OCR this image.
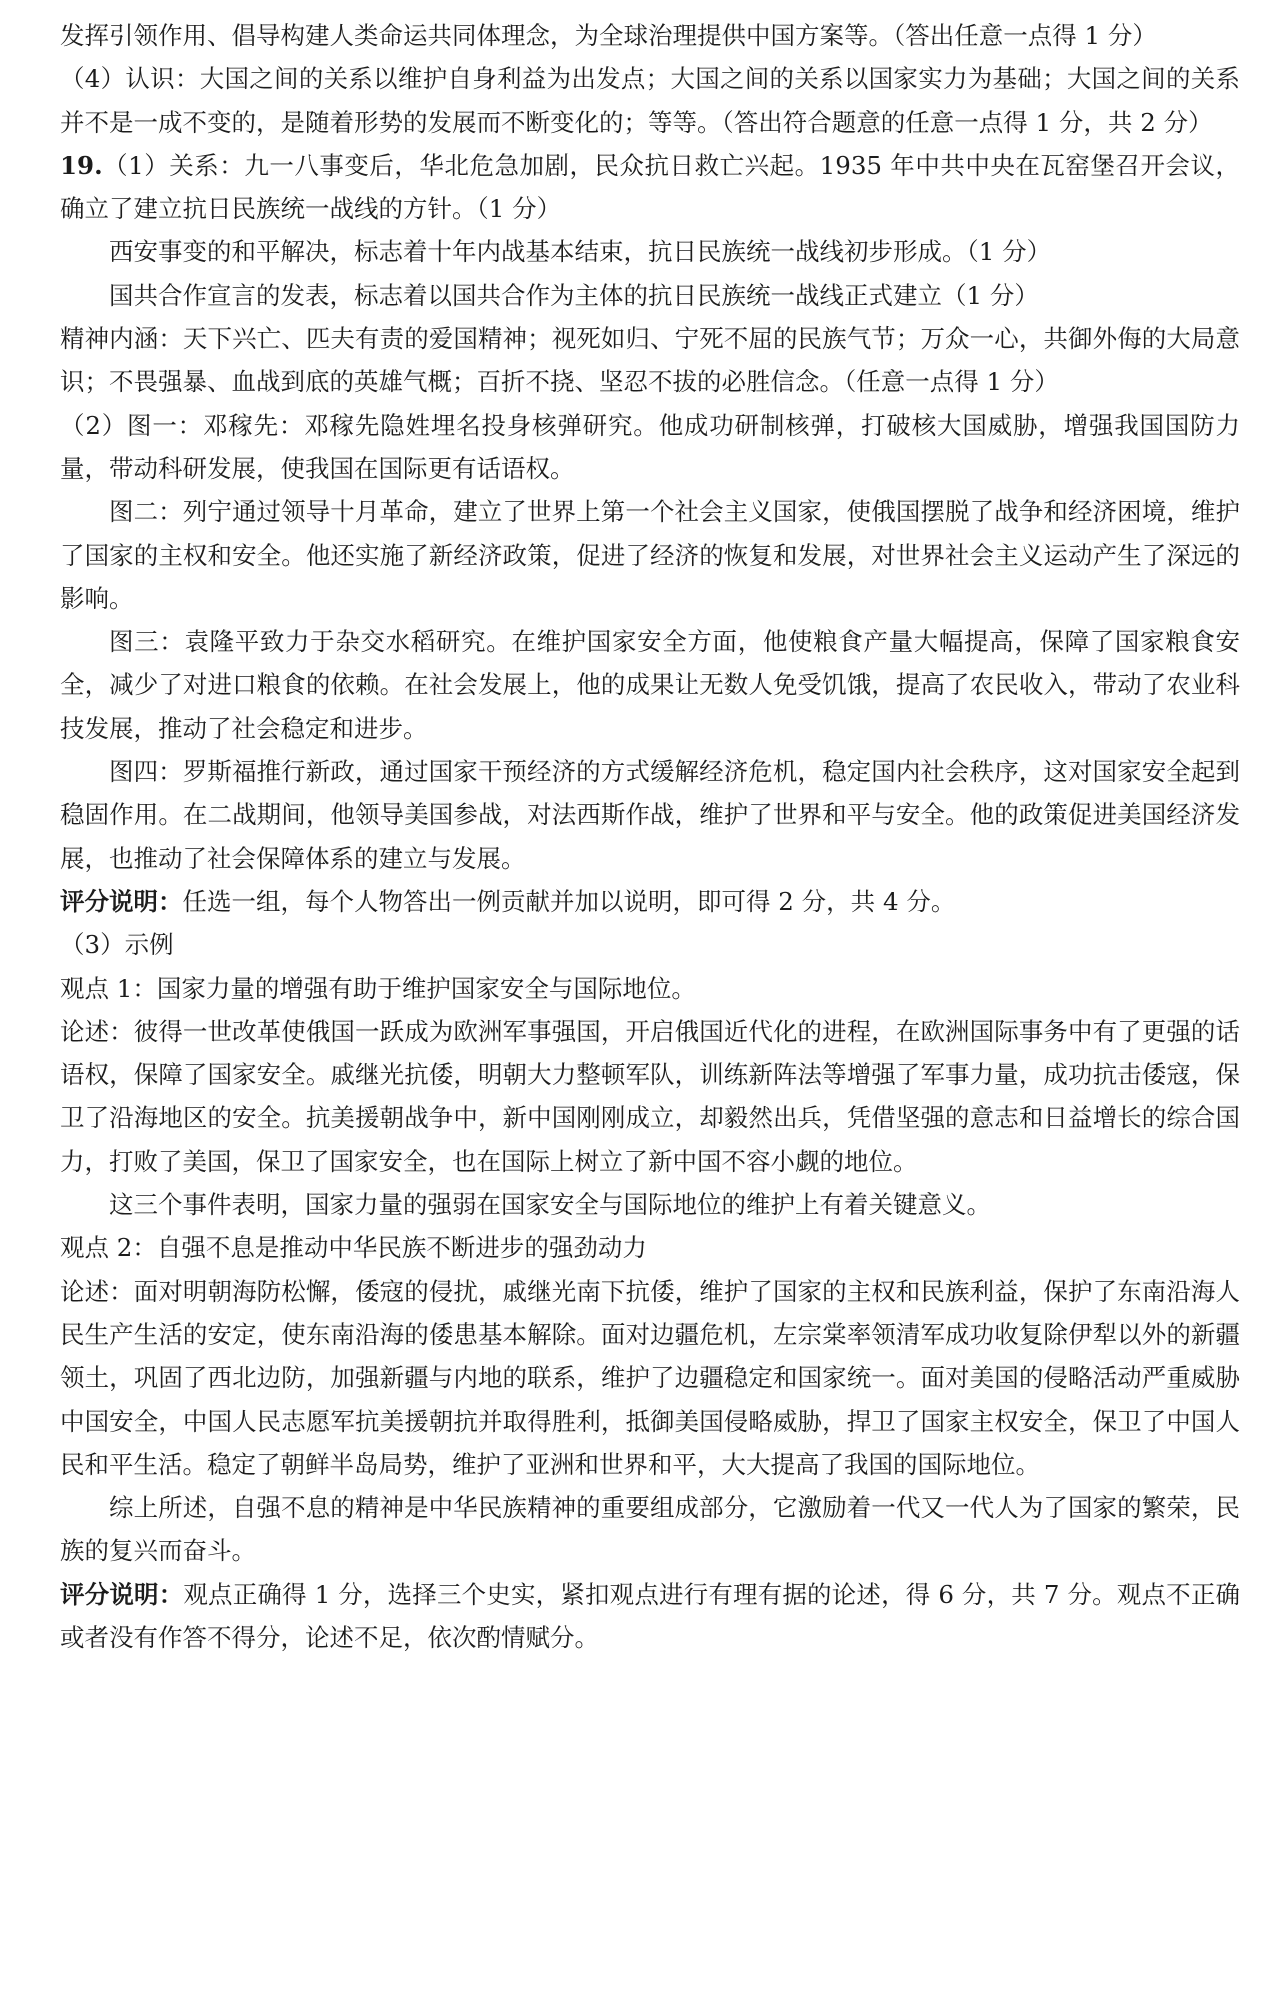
发挥引领作用、倡导构建人类命运共同体理念，为全球治理提供中国方案等。（答出任意一点得 1 分）

（4）认识：大国之间的关系以维护自身利益为出发点；大国之间的关系以国家实力为基础；大国之间的关系并不是一成不变的，是随着形势的发展而不断变化的；等等。（答出符合题意的任意一点得 1 分，共 2 分）

19.（1）关系：九一八事变后，华北危急加剧，民众抗日救亡兴起。1935 年中共中央在瓦窑堡召开会议，确立了建立抗日民族统一战线的方针。（1 分）

西安事变的和平解决，标志着十年内战基本结束，抗日民族统一战线初步形成。（1 分）

国共合作宣言的发表，标志着以国共合作为主体的抗日民族统一战线正式建立（1 分）

精神内涵：天下兴亡、匹夫有责的爱国精神；视死如归、宁死不屈的民族气节；万众一心，共御外侮的大局意识；不畏强暴、血战到底的英雄气概；百折不挠、坚忍不拔的必胜信念。（任意一点得 1 分）

（2）图一：邓稼先：邓稼先隐姓埋名投身核弹研究。他成功研制核弹，打破核大国威胁，增强我国国防力量，带动科研发展，使我国在国际更有话语权。

图二：列宁通过领导十月革命，建立了世界上第一个社会主义国家，使俄国摆脱了战争和经济困境，维护了国家的主权和安全。他还实施了新经济政策，促进了经济的恢复和发展，对世界社会主义运动产生了深远的影响。

图三：袁隆平致力于杂交水稻研究。在维护国家安全方面，他使粮食产量大幅提高，保障了国家粮食安全，减少了对进口粮食的依赖。在社会发展上，他的成果让无数人免受饥饿，提高了农民收入，带动了农业科技发展，推动了社会稳定和进步。

图四：罗斯福推行新政，通过国家干预经济的方式缓解经济危机，稳定国内社会秩序，这对国家安全起到稳固作用。在二战期间，他领导美国参战，对法西斯作战，维护了世界和平与安全。他的政策促进美国经济发展，也推动了社会保障体系的建立与发展。

评分说明：任选一组，每个人物答出一例贡献并加以说明，即可得 2 分，共 4 分。

（3）示例

观点 1：国家力量的增强有助于维护国家安全与国际地位。

论述：彼得一世改革使俄国一跃成为欧洲军事强国，开启俄国近代化的进程，在欧洲国际事务中有了更强的话语权，保障了国家安全。戚继光抗倭，明朝大力整顿军队，训练新阵法等增强了军事力量，成功抗击倭寇，保卫了沿海地区的安全。抗美援朝战争中，新中国刚刚成立，却毅然出兵，凭借坚强的意志和日益增长的综合国力，打败了美国，保卫了国家安全，也在国际上树立了新中国不容小觑的地位。

这三个事件表明，国家力量的强弱在国家安全与国际地位的维护上有着关键意义。

观点 2：自强不息是推动中华民族不断进步的强劲动力

论述：面对明朝海防松懈，倭寇的侵扰，戚继光南下抗倭，维护了国家的主权和民族利益，保护了东南沿海人民生产生活的安定，使东南沿海的倭患基本解除。面对边疆危机，左宗棠率领清军成功收复除伊犁以外的新疆领土，巩固了西北边防，加强新疆与内地的联系，维护了边疆稳定和国家统一。面对美国的侵略活动严重威胁中国安全，中国人民志愿军抗美援朝抗并取得胜利，抵御美国侵略威胁，捍卫了国家主权安全，保卫了中国人民和平生活。稳定了朝鲜半岛局势，维护了亚洲和世界和平，大大提高了我国的国际地位。

综上所述，自强不息的精神是中华民族精神的重要组成部分，它激励着一代又一代人为了国家的繁荣，民族的复兴而奋斗。

评分说明：观点正确得 1 分，选择三个史实，紧扣观点进行有理有据的论述，得 6 分，共 7 分。观点不正确或者没有作答不得分，论述不足，依次酌情赋分。
